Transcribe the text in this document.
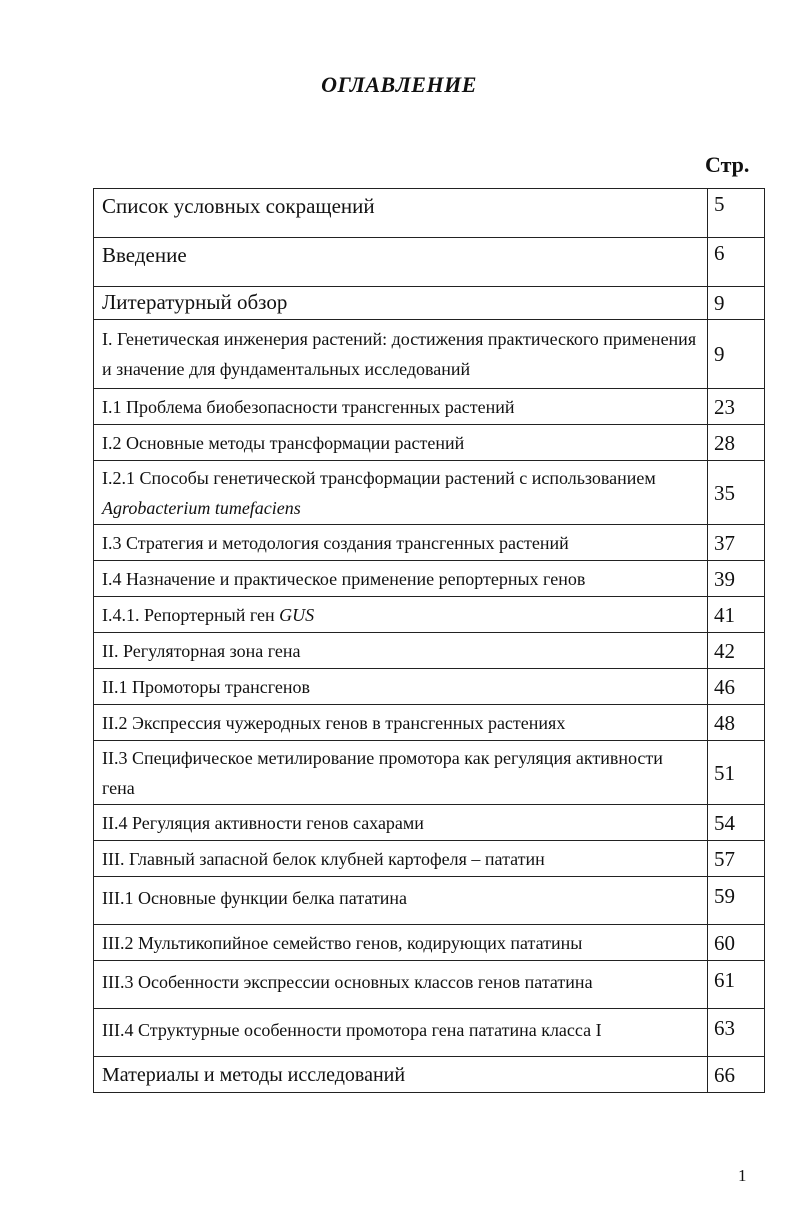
ОГЛАВЛЕНИЕ
Стр.
Список условных сокращений	5
Введение	6
Литературный обзор	9
I. Генетическая инженерия растений: достижения практического применения и значение для фундаментальных исследований	9
I.1 Проблема биобезопасности трансгенных растений	23
I.2 Основные методы трансформации растений	28
I.2.1 Способы генетической трансформации растений с использованием Agrobacterium tumefaciens	35
I.3 Стратегия и методология создания трансгенных растений	37
I.4 Назначение и практическое применение репортерных генов	39
I.4.1. Репортерный ген GUS	41
II. Регуляторная зона гена	42
II.1 Промоторы трансгенов	46
II.2 Экспрессия чужеродных генов в трансгенных растениях	48
II.3 Специфическое метилирование промотора как регуляция активности гена	51
II.4 Регуляция активности генов сахарами	54
III. Главный запасной белок клубней картофеля – пататин	57
III.1 Основные функции белка пататина	59
III.2 Мультикопийное семейство генов, кодирующих пататины	60
III.3 Особенности экспрессии основных классов генов пататина	61
III.4 Структурные особенности промотора гена пататина класса I	63
Материалы и методы исследований	66
1
